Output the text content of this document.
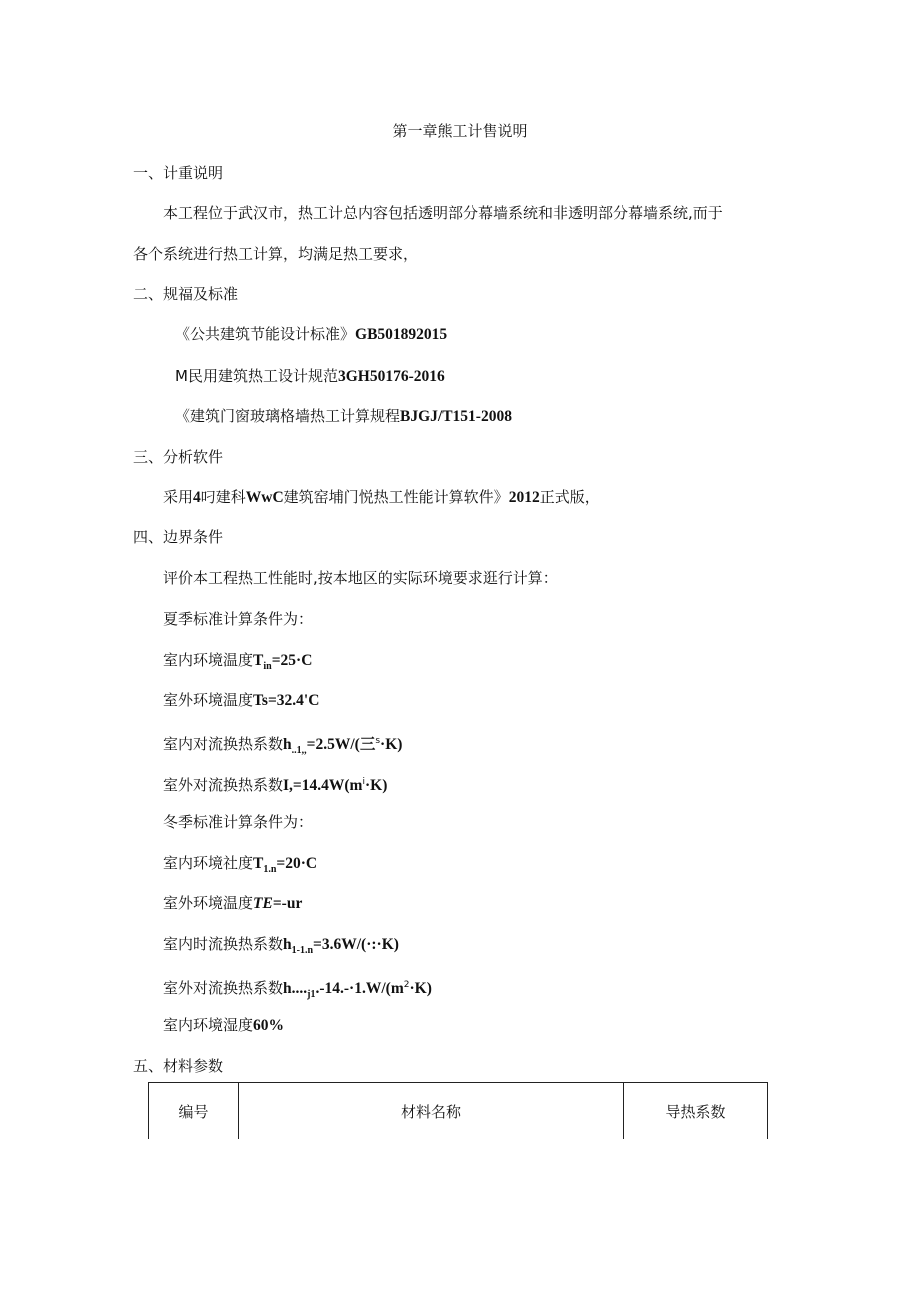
第一章熊工计售说明
一、计重说明
本工程位于武汉市，热工计总内容包括透明部分幕墙系统和非透明部分幕墙系统,而于
各个系统进行热工计算，均满足热工要求，
二、规福及标准
《公共建筑节能设计标准》GB501892015
M民用建筑热工设计规范3GH50176-2016
《建筑门窗玻璃格墙热工计算规程BJGJ/T151-2008
三、分析软件
采用4叼建科WwC建筑窑埔门悦热工性能计算软件》2012正式版，
四、边界条件
评价本工程热工性能时,按本地区的实际环境要求逛行计算：
夏季标准计算条件为：
室内环境温度$T_{in}=25\cdot C$
室外环境温度Ts=32.4'C
室内对流换热系数$h_{..1,,}=2.5W/$(三$^s$·K)
室外对流换热系数$I,=14.4W(m^i\cdot K)$
冬季标准计算条件为：
室内环境社度$T_{1.n}=20\cdot C$
室外环境温度TE=-ur
室内时流换热系数$h_{1-1.n}=3.6W/(\cdot:\cdot K)$
室外对流换热系数$h...._{j1}.-14.-\cdot 1.W/(m^2\cdot K)$
室内环境湿度60%
五、材料参数
编号	材料名称	导热系数
